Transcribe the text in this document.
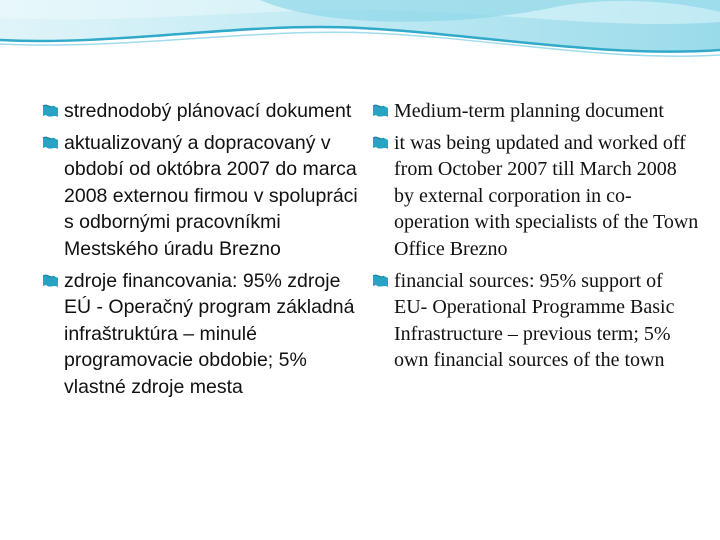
strednodobý plánovací dokument
aktualizovaný a dopracovaný v období od októbra 2007 do marca 2008 externou firmou v spolupráci s odbornými pracovníkmi Mestského úradu Brezno
zdroje financovania: 95% zdroje EÚ - Operačný program základná infraštruktúra – minulé programovacie obdobie; 5% vlastné zdroje mesta
Medium-term planning document
it was being updated and worked off from October 2007 till March 2008 by external corporation in co-operation with specialists of the Town Office Brezno
financial sources: 95% support of EU- Operational Programme Basic Infrastructure – previous term; 5% own financial sources of the town
